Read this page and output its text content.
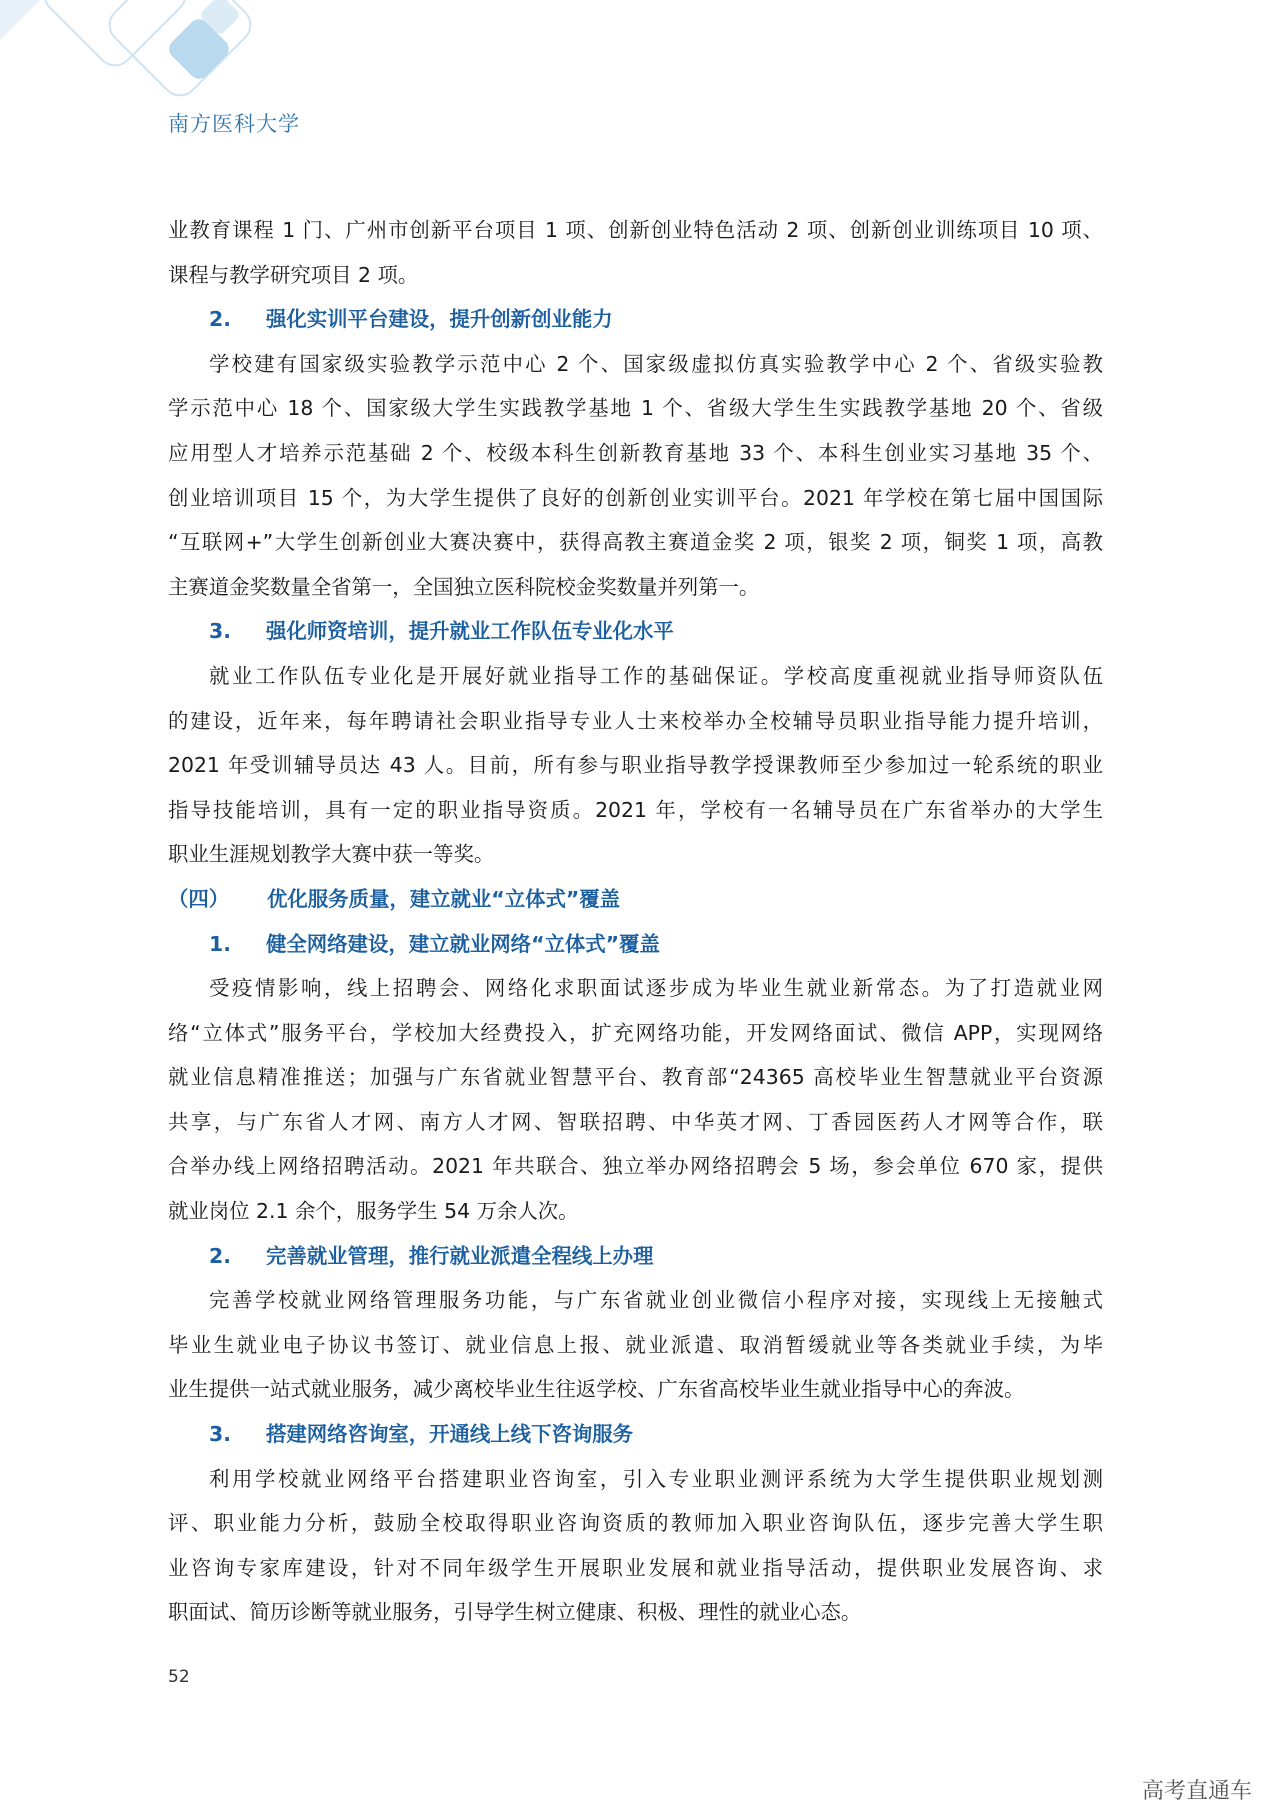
南方医科大学
业教育课程 1 门、广州市创新平台项目 1 项、创新创业特色活动 2 项、创新创业训练项目 10 项、
课程与教学研究项目 2 项。
2. 强化实训平台建设，提升创新创业能力
学校建有国家级实验教学示范中心 2 个、国家级虚拟仿真实验教学中心 2 个、省级实验教
学示范中心 18 个、国家级大学生实践教学基地 1 个、省级大学生生实践教学基地 20 个、省级
应用型人才培养示范基础 2 个、校级本科生创新教育基地 33 个、本科生创业实习基地 35 个、
创业培训项目 15 个，为大学生提供了良好的创新创业实训平台。2021 年学校在第七届中国国际
“互联网+”大学生创新创业大赛决赛中，获得高教主赛道金奖 2 项，银奖 2 项，铜奖 1 项，高教
主赛道金奖数量全省第一，全国独立医科院校金奖数量并列第一。
3. 强化师资培训，提升就业工作队伍专业化水平
就业工作队伍专业化是开展好就业指导工作的基础保证。学校高度重视就业指导师资队伍
的建设，近年来，每年聘请社会职业指导专业人士来校举办全校辅导员职业指导能力提升培训，
2021 年受训辅导员达 43 人。目前，所有参与职业指导教学授课教师至少参加过一轮系统的职业
指导技能培训，具有一定的职业指导资质。2021 年，学校有一名辅导员在广东省举办的大学生
职业生涯规划教学大赛中获一等奖。
（四） 优化服务质量，建立就业“立体式”覆盖
1. 健全网络建设，建立就业网络“立体式”覆盖
受疫情影响，线上招聘会、网络化求职面试逐步成为毕业生就业新常态。为了打造就业网
络“立体式”服务平台，学校加大经费投入，扩充网络功能，开发网络面试、微信 APP，实现网络
就业信息精准推送；加强与广东省就业智慧平台、教育部“24365 高校毕业生智慧就业平台资源
共享，与广东省人才网、南方人才网、智联招聘、中华英才网、丁香园医药人才网等合作，联
合举办线上网络招聘活动。2021 年共联合、独立举办网络招聘会 5 场，参会单位 670 家，提供
就业岗位 2.1 余个，服务学生 54 万余人次。
2. 完善就业管理，推行就业派遣全程线上办理
完善学校就业网络管理服务功能，与广东省就业创业微信小程序对接，实现线上无接触式
毕业生就业电子协议书签订、就业信息上报、就业派遣、取消暂缓就业等各类就业手续，为毕
业生提供一站式就业服务，减少离校毕业生往返学校、广东省高校毕业生就业指导中心的奔波。
3. 搭建网络咨询室，开通线上线下咨询服务
利用学校就业网络平台搭建职业咨询室，引入专业职业测评系统为大学生提供职业规划测
评、职业能力分析，鼓励全校取得职业咨询资质的教师加入职业咨询队伍，逐步完善大学生职
业咨询专家库建设，针对不同年级学生开展职业发展和就业指导活动，提供职业发展咨询、求
职面试、简历诊断等就业服务，引导学生树立健康、积极、理性的就业心态。
52
高考直通车
